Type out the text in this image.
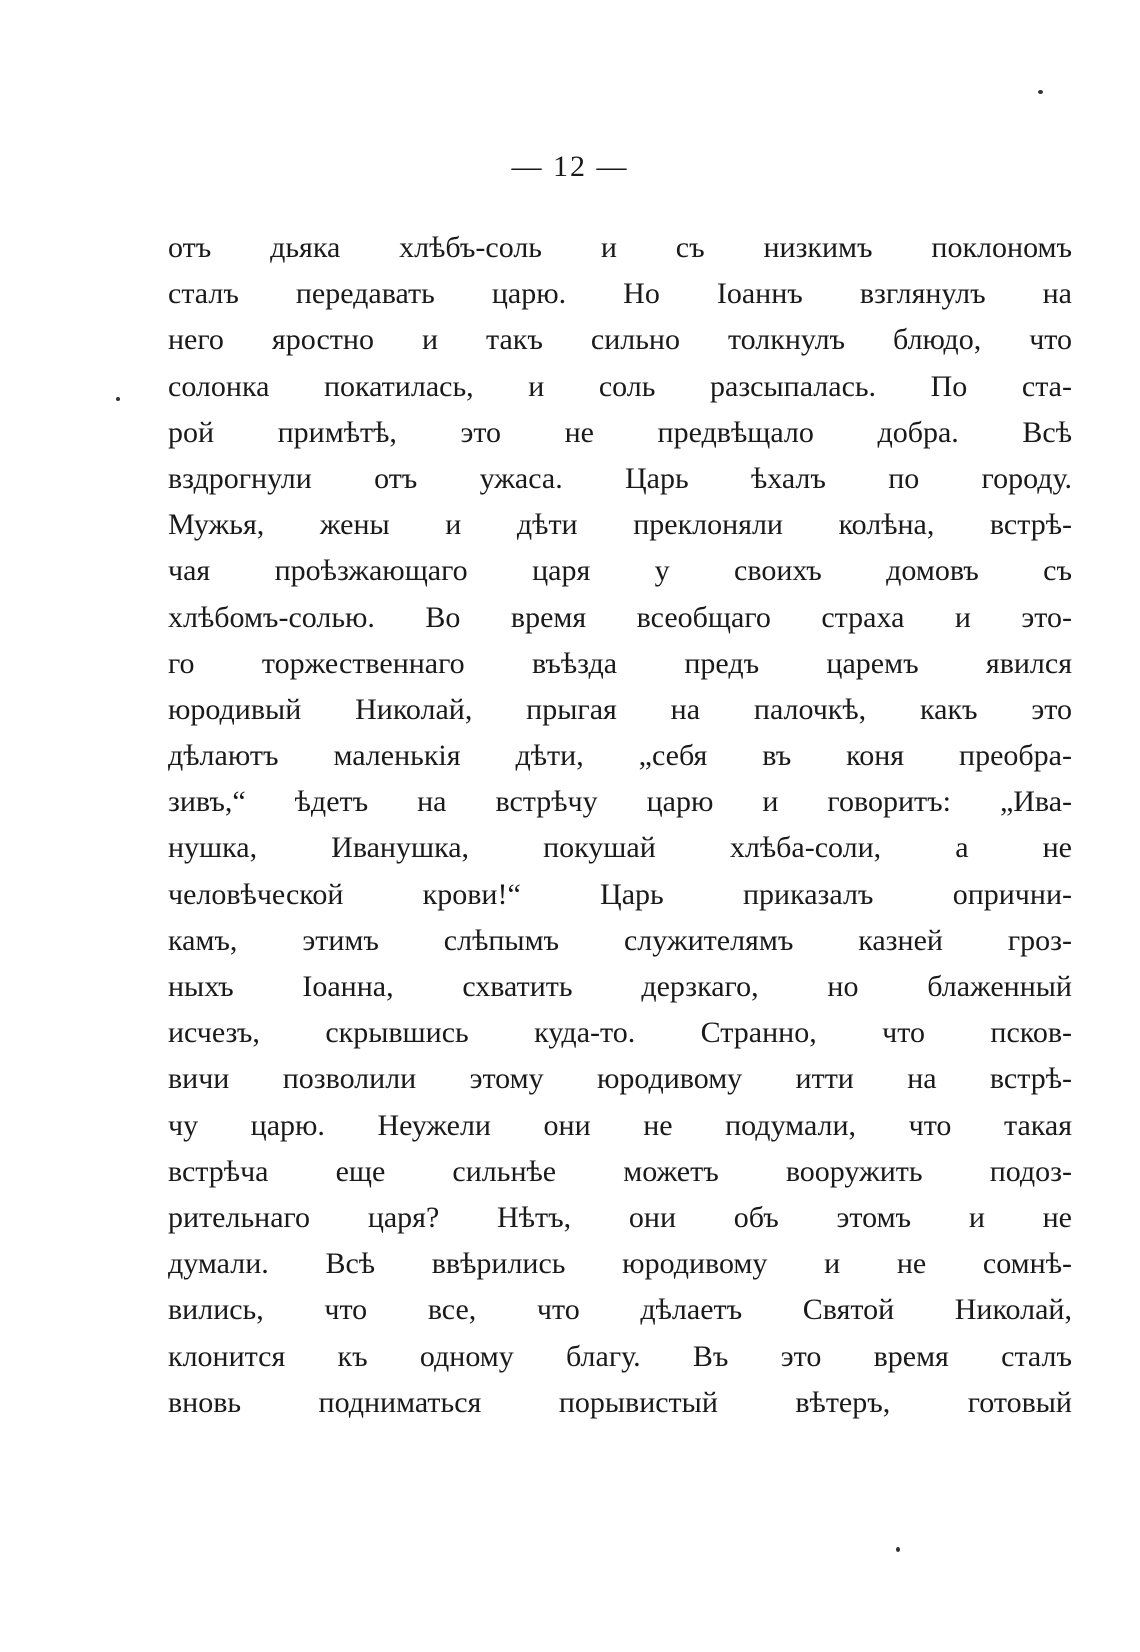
— 12 —
отъ дьяка хлѣбъ-соль и съ низкимъ поклономъ
сталъ передавать царю. Но Іоаннъ взглянулъ на
него яростно и такъ сильно толкнулъ блюдо, что
солонка покатилась, и соль разсыпалась. По ста-
рой примѣтѣ, это не предвѣщало добра. Всѣ
вздрогнули отъ ужаса. Царь ѣхалъ по городу.
Мужья, жены и дѣти преклоняли колѣна, встрѣ-
чая проѣзжающаго царя у своихъ домовъ съ
хлѣбомъ-солью. Во время всеобщаго страха и это-
го торжественнаго въѣзда предъ царемъ явился
юродивый Николай, прыгая на палочкѣ, какъ это
дѣлаютъ маленькія дѣти, „себя въ коня преобра-
зивъ,“ ѣдетъ на встрѣчу царю и говоритъ: „Ива-
нушка, Иванушка, покушай хлѣба-соли, а не
человѣческой крови!“ Царь приказалъ опрични-
камъ, этимъ слѣпымъ служителямъ казней гроз-
ныхъ Іоанна, схватить дерзкаго, но блаженный
исчезъ, скрывшись куда-то. Странно, что псков-
вичи позволили этому юродивому итти на встрѣ-
чу царю. Неужели они не подумали, что такая
встрѣча еще сильнѣе можетъ вооружить подоз-
рительнаго царя? Нѣтъ, они объ этомъ и не
думали. Всѣ ввѣрились юродивому и не сомнѣ-
вились, что все, что дѣлаетъ Святой Николай,
клонится къ одному благу. Въ это время сталъ
вновь подниматься порывистый вѣтеръ, готовый
